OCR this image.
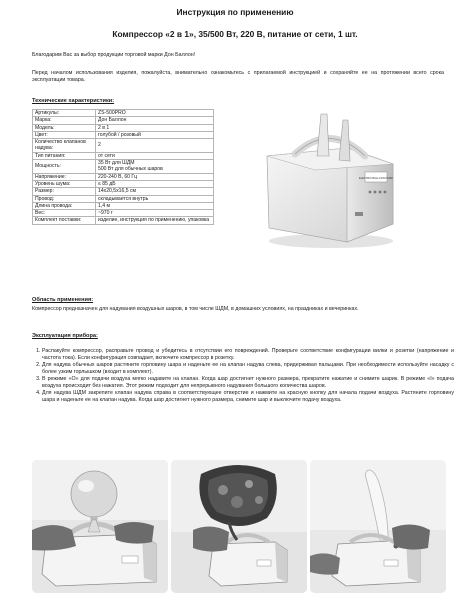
Инструкция по применению
Компрессор «2 в 1», 35/500 Вт, 220 В, питание от сети, 1 шт.
Благодарим Вас за выбор продукции торговой марки Дон Баллон!
Перед началом использования изделия, пожалуйста, внимательно ознакомьтесь с прилагаемой инструкцией и сохраняйте ее на протяжении всего срока эксплуатации товара.
Технические характеристики:
Артикулы:	ZS-500PRO
Марка:	Дон Баллон
Модель:	2 в 1
Цвет:	голубой / розовый
Количество клапанов надува:	2
Тип питания:	от сети
Мощность:	35 Вт для ШДМ
500 Вт для обычных шаров
Напряжение:	220-240 В, 60 Гц
Уровень шума:	≤ 85 дБ
Размер:	14х20,5х16,5 см
Провод:	складывается внутрь
Длина провода:	1,4 м
Вес:	~970 г
Комплект поставки:	изделие, инструкция по применению, упаковка
ELECTRIC BALLOON PUMP
Область применения:
Компрессор предназначен для надувания воздушных шаров, в том числе ШДМ, в домашних условиях, на праздниках и вечеринках.
Эксплуатация прибора:
1. Распакуйте компрессор, расправьте провод и убедитесь в отсутствии его повреждений. Проверьте соответствие конфигурации вилки и розетки (напряжение и частота тока). Если конфигурация совпадает, включите компрессор в розетку.
2. Для надува обычных шаров растяните горловину шара и наденьте ее на клапан надува слева, придерживая пальцами. При необходимости используйте насадку с более узким горлышком (входит в комплект).
3. В режиме «O» для подачи воздуха мягко надавите на клапан. Когда шар достигнет нужного размера, прекратите нажатие и снимите шарик. В режиме «I» подача воздуха происходит без нажатия. Этот режим подходит для непрерывного надувания большого количества шаров.
4. Для надува ШДМ закрепите клапан надува справа в соответствующее отверстие и нажмите на красную кнопку для начала подачи воздуха. Растяните горловину шара и наденьте ее на клапан надува. Когда шар достигнет нужного размера, снимите шар и выключите подачу воздуха.
